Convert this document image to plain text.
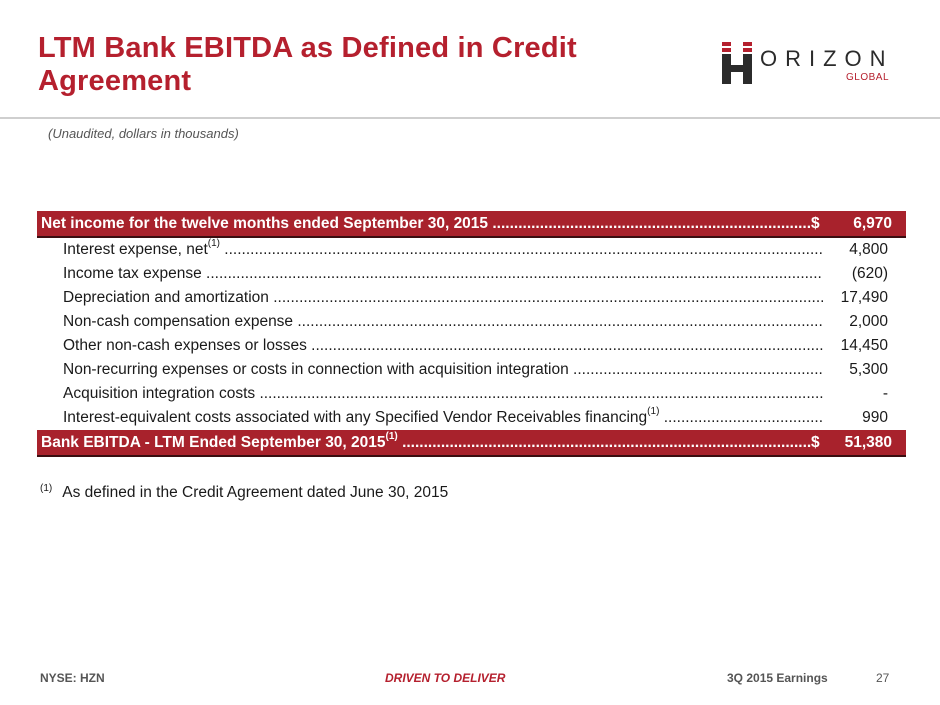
LTM Bank EBITDA as Defined in Credit Agreement
ORIZON
GLOBAL
(Unaudited, dollars in thousands)
Net income for the twelve months ended September 30, 2015 .....	$ 6,970
Interest expense, net$^{(1)}$ .....	4,800
Income tax expense .....	(620)
Depreciation and amortization .....	17,490
Non-cash compensation expense .....	2,000
Other non-cash expenses or losses .....	14,450
Non-recurring expenses or costs in connection with acquisition integration .....	5,300
Acquisition integration costs .....	-
Interest-equivalent costs associated with any Specified Vendor Receivables financing$^{(1)}$ .....	990
Bank EBITDA - LTM Ended September 30, 2015$^{(1)}$ .....	$ 51,380
$^{(1)}$ As defined in the Credit Agreement dated June 30, 2015
NYSE: HZN	DRIVEN TO DELIVER	3Q 2015 Earnings	27
